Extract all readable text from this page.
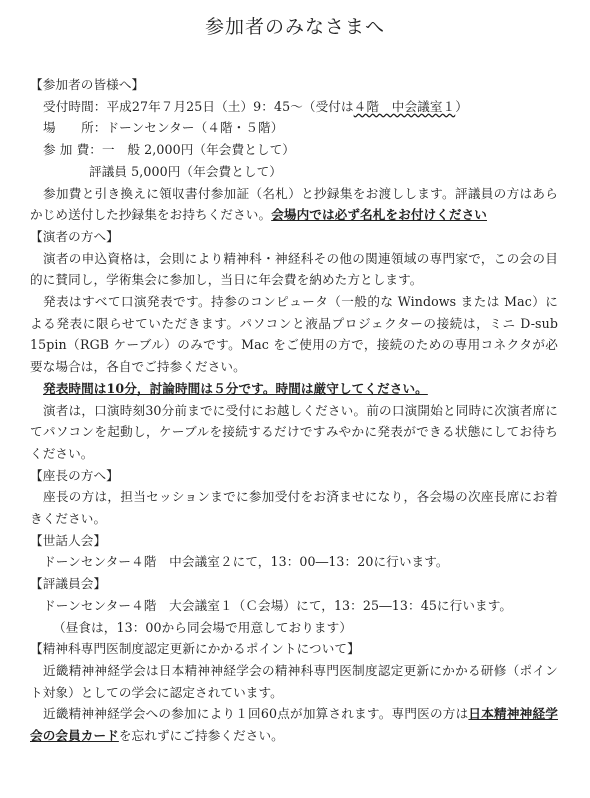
参加者のみなさまへ

【参加者の皆様へ】

受付時間：平成27年７月25日（土）9：45～（受付は４階　中会議室１）

場　　所：ドーンセンター（４階・５階）

参 加 費：一　般 2,000円（年会費として）

評議員 5,000円（年会費として）

参加費と引き換えに領収書付参加証（名札）と抄録集をお渡しします。評議員の方はあらかじめ送付した抄録集をお持ちください。会場内では必ず名札をお付けください

【演者の方へ】

演者の申込資格は，会則により精神科・神経科その他の関連領域の専門家で，この会の目的に賛同し，学術集会に参加し，当日に年会費を納めた方とします。

発表はすべて口演発表です。持参のコンピュータ（一般的な Windows または Mac）による発表に限らせていただきます。パソコンと液晶プロジェクターの接続は，ミニ D-sub 15pin（RGB ケーブル）のみです。Mac をご使用の方で，接続のための専用コネクタが必要な場合は，各自でご持参ください。

発表時間は10分，討論時間は５分です。時間は厳守してください。

演者は，口演時刻30分前までに受付にお越しください。前の口演開始と同時に次演者席にてパソコンを起動し，ケーブルを接続するだけですみやかに発表ができる状態にしてお待ちください。

【座長の方へ】

座長の方は，担当セッションまでに参加受付をお済ませになり，各会場の次座長席にお着きください。

【世話人会】

ドーンセンター４階　中会議室２にて，13：00―13：20に行います。

【評議員会】

ドーンセンター４階　大会議室１（Ｃ会場）にて，13：25―13：45に行います。

（昼食は，13：00から同会場で用意しております）

【精神科専門医制度認定更新にかかるポイントについて】

近畿精神神経学会は日本精神神経学会の精神科専門医制度認定更新にかかる研修（ポイント対象）としての学会に認定されています。

近畿精神神経学会への参加により１回60点が加算されます。専門医の方は日本精神神経学会の会員カードを忘れずにご持参ください。
